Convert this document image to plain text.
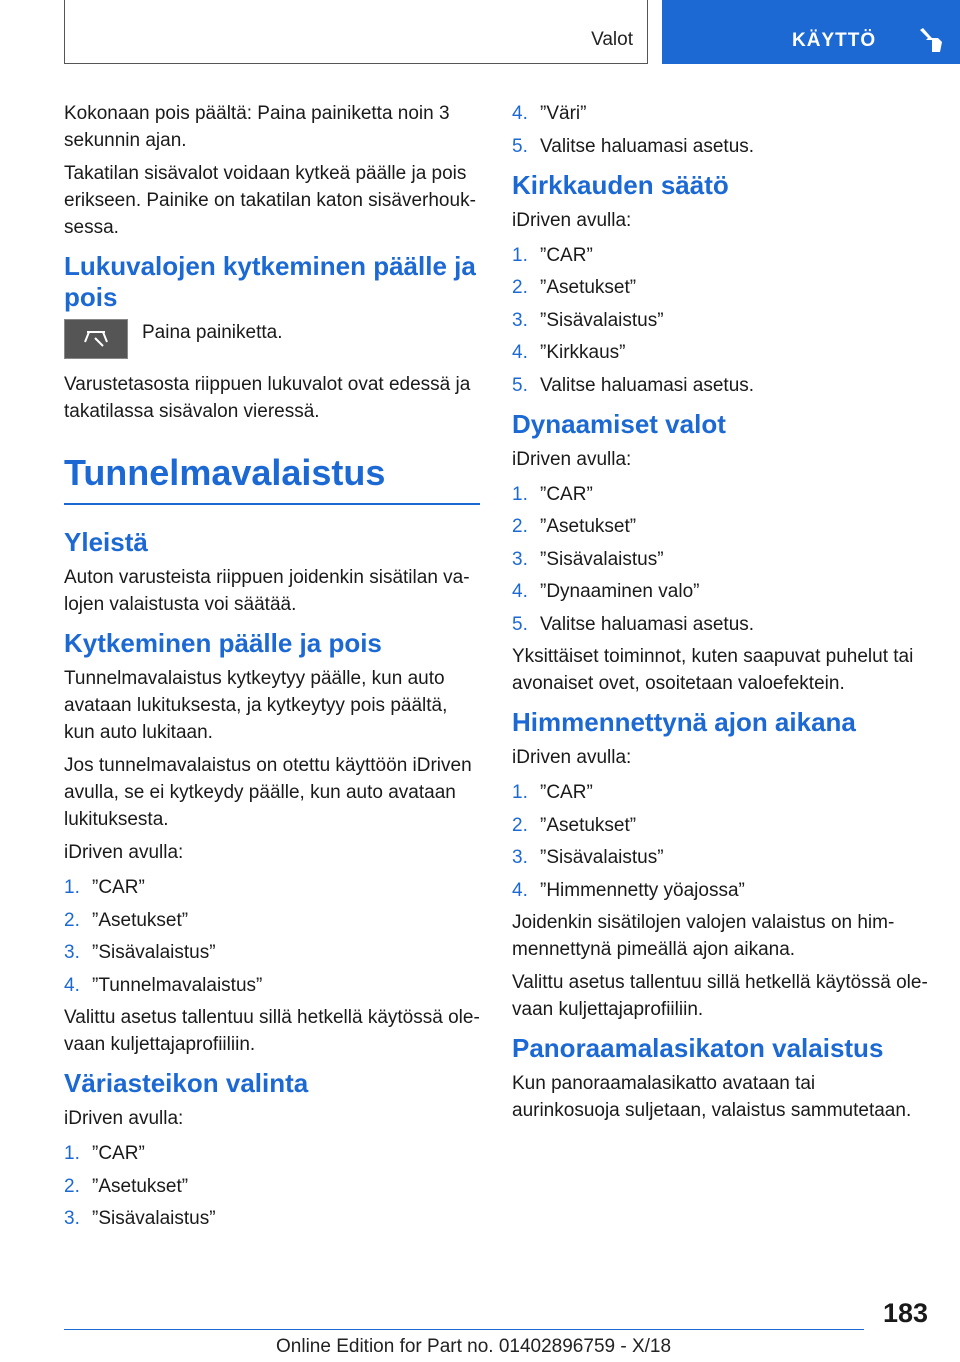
Valot	KÄYTTÖ

Kokonaan pois päältä: Paina painiketta noin 3 sekunnin ajan.

Takatilan sisävalot voidaan kytkeä päälle ja pois erikseen. Painike on takatilan katon sisäverhouksessa.

Lukuvalojen kytkeminen päälle ja pois

Paina painiketta.

Varustetasosta riippuen lukuvalot ovat edessä ja takatilassa sisävalon vieressä.

Tunnelmavalaistus
Yleistä

Auton varusteista riippuen joidenkin sisätilan valojen valaistusta voi säätää.

Kytkeminen päälle ja pois

Tunnelmavalaistus kytkeytyy päälle, kun auto avataan lukituksesta, ja kytkeytyy pois päältä, kun auto lukitaan.

Jos tunnelmavalaistus on otettu käyttöön iDriven avulla, se ei kytkeydy päälle, kun auto avataan lukituksesta.

iDriven avulla:

1. ”CAR”
2. ”Asetukset”
3. ”Sisävalaistus”
4. ”Tunnelmavalaistus”

Valittu asetus tallentuu sillä hetkellä käytössä olevaan kuljettajaprofiiliin.

Väriasteikon valinta

iDriven avulla:

1. ”CAR”
2. ”Asetukset”
3. ”Sisävalaistus”
4. ”Väri”
5. Valitse haluamasi asetus.
Kirkkauden säätö

iDriven avulla:

1. ”CAR”
2. ”Asetukset”
3. ”Sisävalaistus”
4. ”Kirkkaus”
5. Valitse haluamasi asetus.
Dynaamiset valot

iDriven avulla:

1. ”CAR”
2. ”Asetukset”
3. ”Sisävalaistus”
4. ”Dynaaminen valo”
5. Valitse haluamasi asetus.

Yksittäiset toiminnot, kuten saapuvat puhelut tai avonaiset ovet, osoitetaan valoefektein.

Himmennettynä ajon aikana

iDriven avulla:

1. ”CAR”
2. ”Asetukset”
3. ”Sisävalaistus”
4. ”Himmennetty yöajossa”

Joidenkin sisätilojen valojen valaistus on himmennettynä pimeällä ajon aikana.

Valittu asetus tallentuu sillä hetkellä käytössä olevaan kuljettajaprofiiliin.

Panoraamalasikaton valaistus

Kun panoraamalasikatto avataan tai aurinkosuoja suljetaan, valaistus sammutetaan.

183
Online Edition for Part no. 01402896759 - X/18
